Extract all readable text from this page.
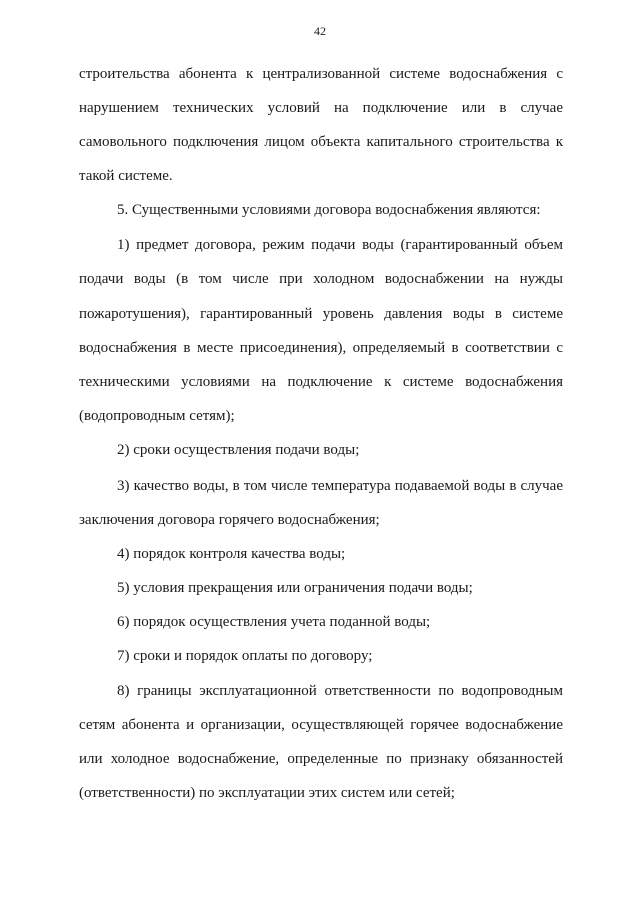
42
строительства абонента к централизованной системе водоснабжения с
нарушением технических условий на подключение или в случае
самовольного подключения лицом объекта капитального строительства к
такой системе.
5. Существенными условиями договора водоснабжения являются:
1) предмет договора, режим подачи воды (гарантированный объем
подачи воды (в том числе при холодном водоснабжении на нужды
пожаротушения), гарантированный уровень давления воды в системе
водоснабжения в месте присоединения), определяемый в соответствии с
техническими условиями на подключение к системе водоснабжения
(водопроводным сетям);
2) сроки осуществления подачи воды;
3) качество воды, в том числе температура подаваемой воды в случае
заключения договора горячего водоснабжения;
4) порядок контроля качества воды;
5) условия прекращения или ограничения подачи воды;
6) порядок осуществления учета поданной воды;
7) сроки и порядок оплаты по договору;
8) границы эксплуатационной ответственности по водопроводным
сетям абонента и организации, осуществляющей горячее водоснабжение
или холодное водоснабжение, определенные по признаку обязанностей
(ответственности) по эксплуатации этих систем или сетей;
